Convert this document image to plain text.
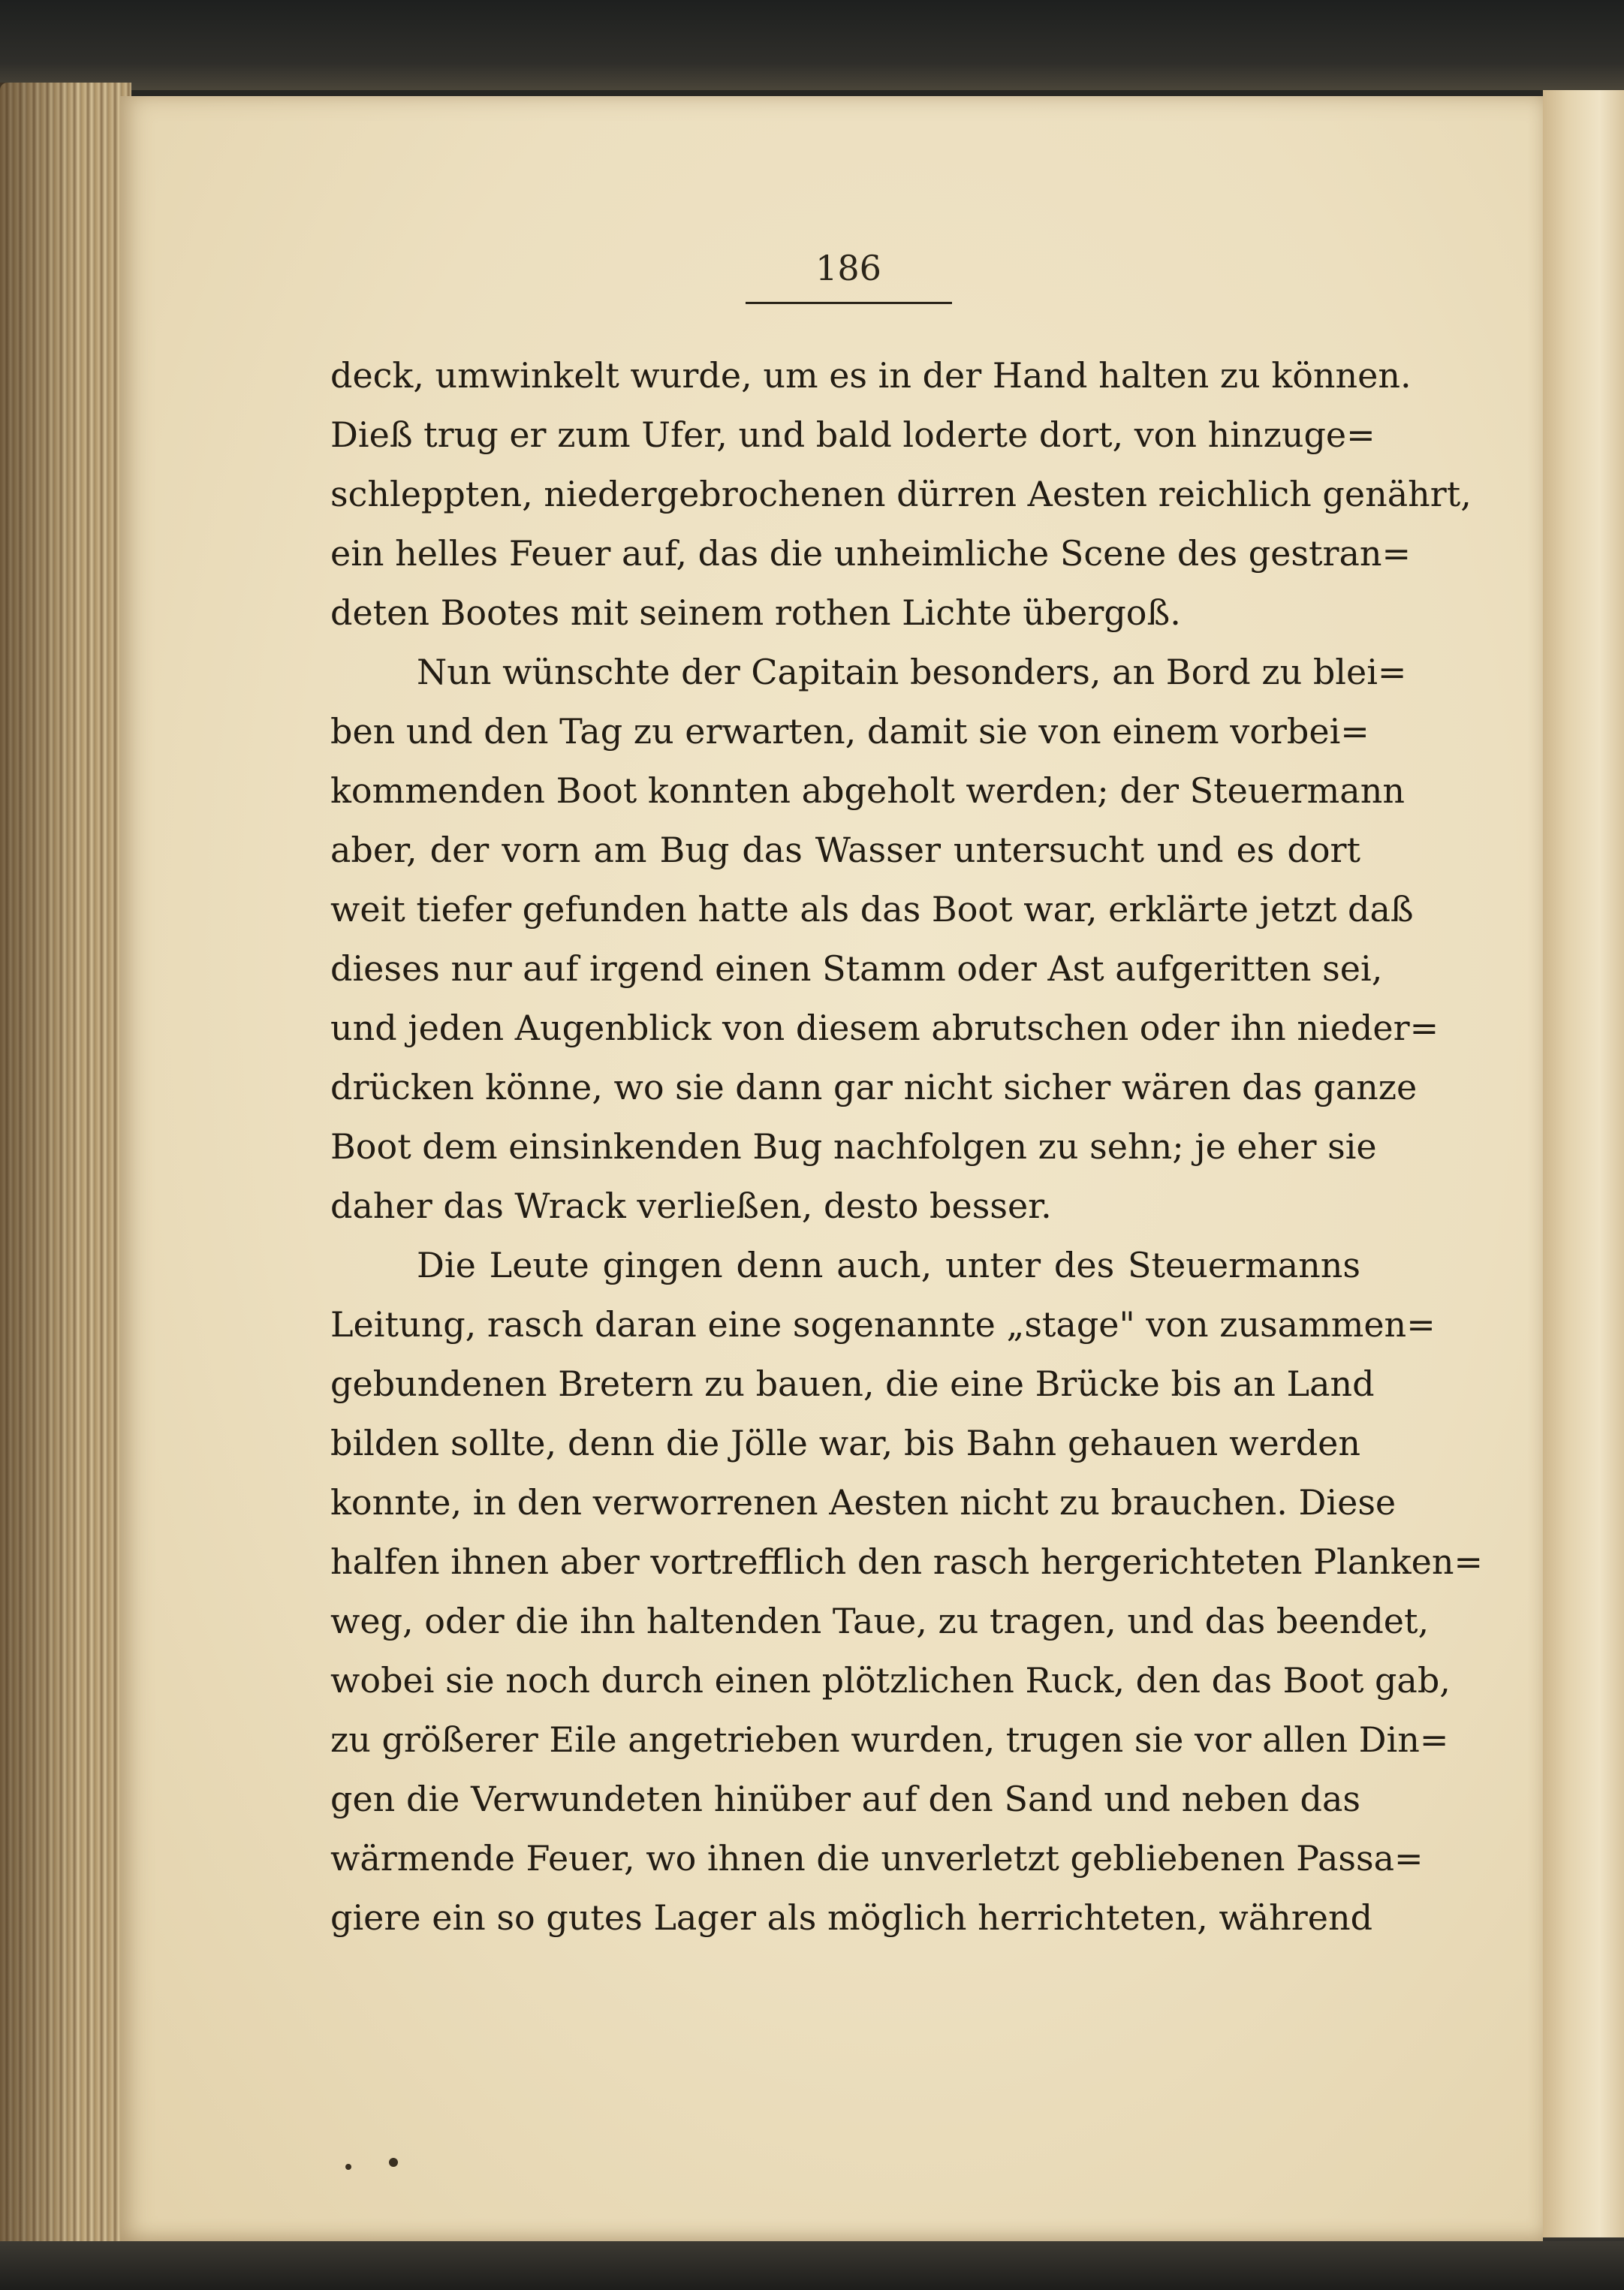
186
deck, umwinkelt wurde, um es in der Hand halten zu können.
Dieß trug er zum Ufer, und bald loderte dort, von hinzuge=
schleppten, niedergebrochenen dürren Aesten reichlich genährt,
ein helles Feuer auf, das die unheimliche Scene des gestran=
deten Bootes mit seinem rothen Lichte übergoß.
Nun wünschte der Capitain besonders, an Bord zu blei=
ben und den Tag zu erwarten, damit sie von einem vorbei=
kommenden Boot konnten abgeholt werden; der Steuermann
aber, der vorn am Bug das Wasser untersucht und es dort
weit tiefer gefunden hatte als das Boot war, erklärte jetzt daß
dieses nur auf irgend einen Stamm oder Ast aufgeritten sei,
und jeden Augenblick von diesem abrutschen oder ihn nieder=
drücken könne, wo sie dann gar nicht sicher wären das ganze
Boot dem einsinkenden Bug nachfolgen zu sehn; je eher sie
daher das Wrack verließen, desto besser.
Die Leute gingen denn auch, unter des Steuermanns
Leitung, rasch daran eine sogenannte „stage" von zusammen=
gebundenen Bretern zu bauen, die eine Brücke bis an Land
bilden sollte, denn die Jölle war, bis Bahn gehauen werden
konnte, in den verworrenen Aesten nicht zu brauchen. Diese
halfen ihnen aber vortrefflich den rasch hergerichteten Planken=
weg, oder die ihn haltenden Taue, zu tragen, und das beendet,
wobei sie noch durch einen plötzlichen Ruck, den das Boot gab,
zu größerer Eile angetrieben wurden, trugen sie vor allen Din=
gen die Verwundeten hinüber auf den Sand und neben das
wärmende Feuer, wo ihnen die unverletzt gebliebenen Passa=
giere ein so gutes Lager als möglich herrichteten, während
